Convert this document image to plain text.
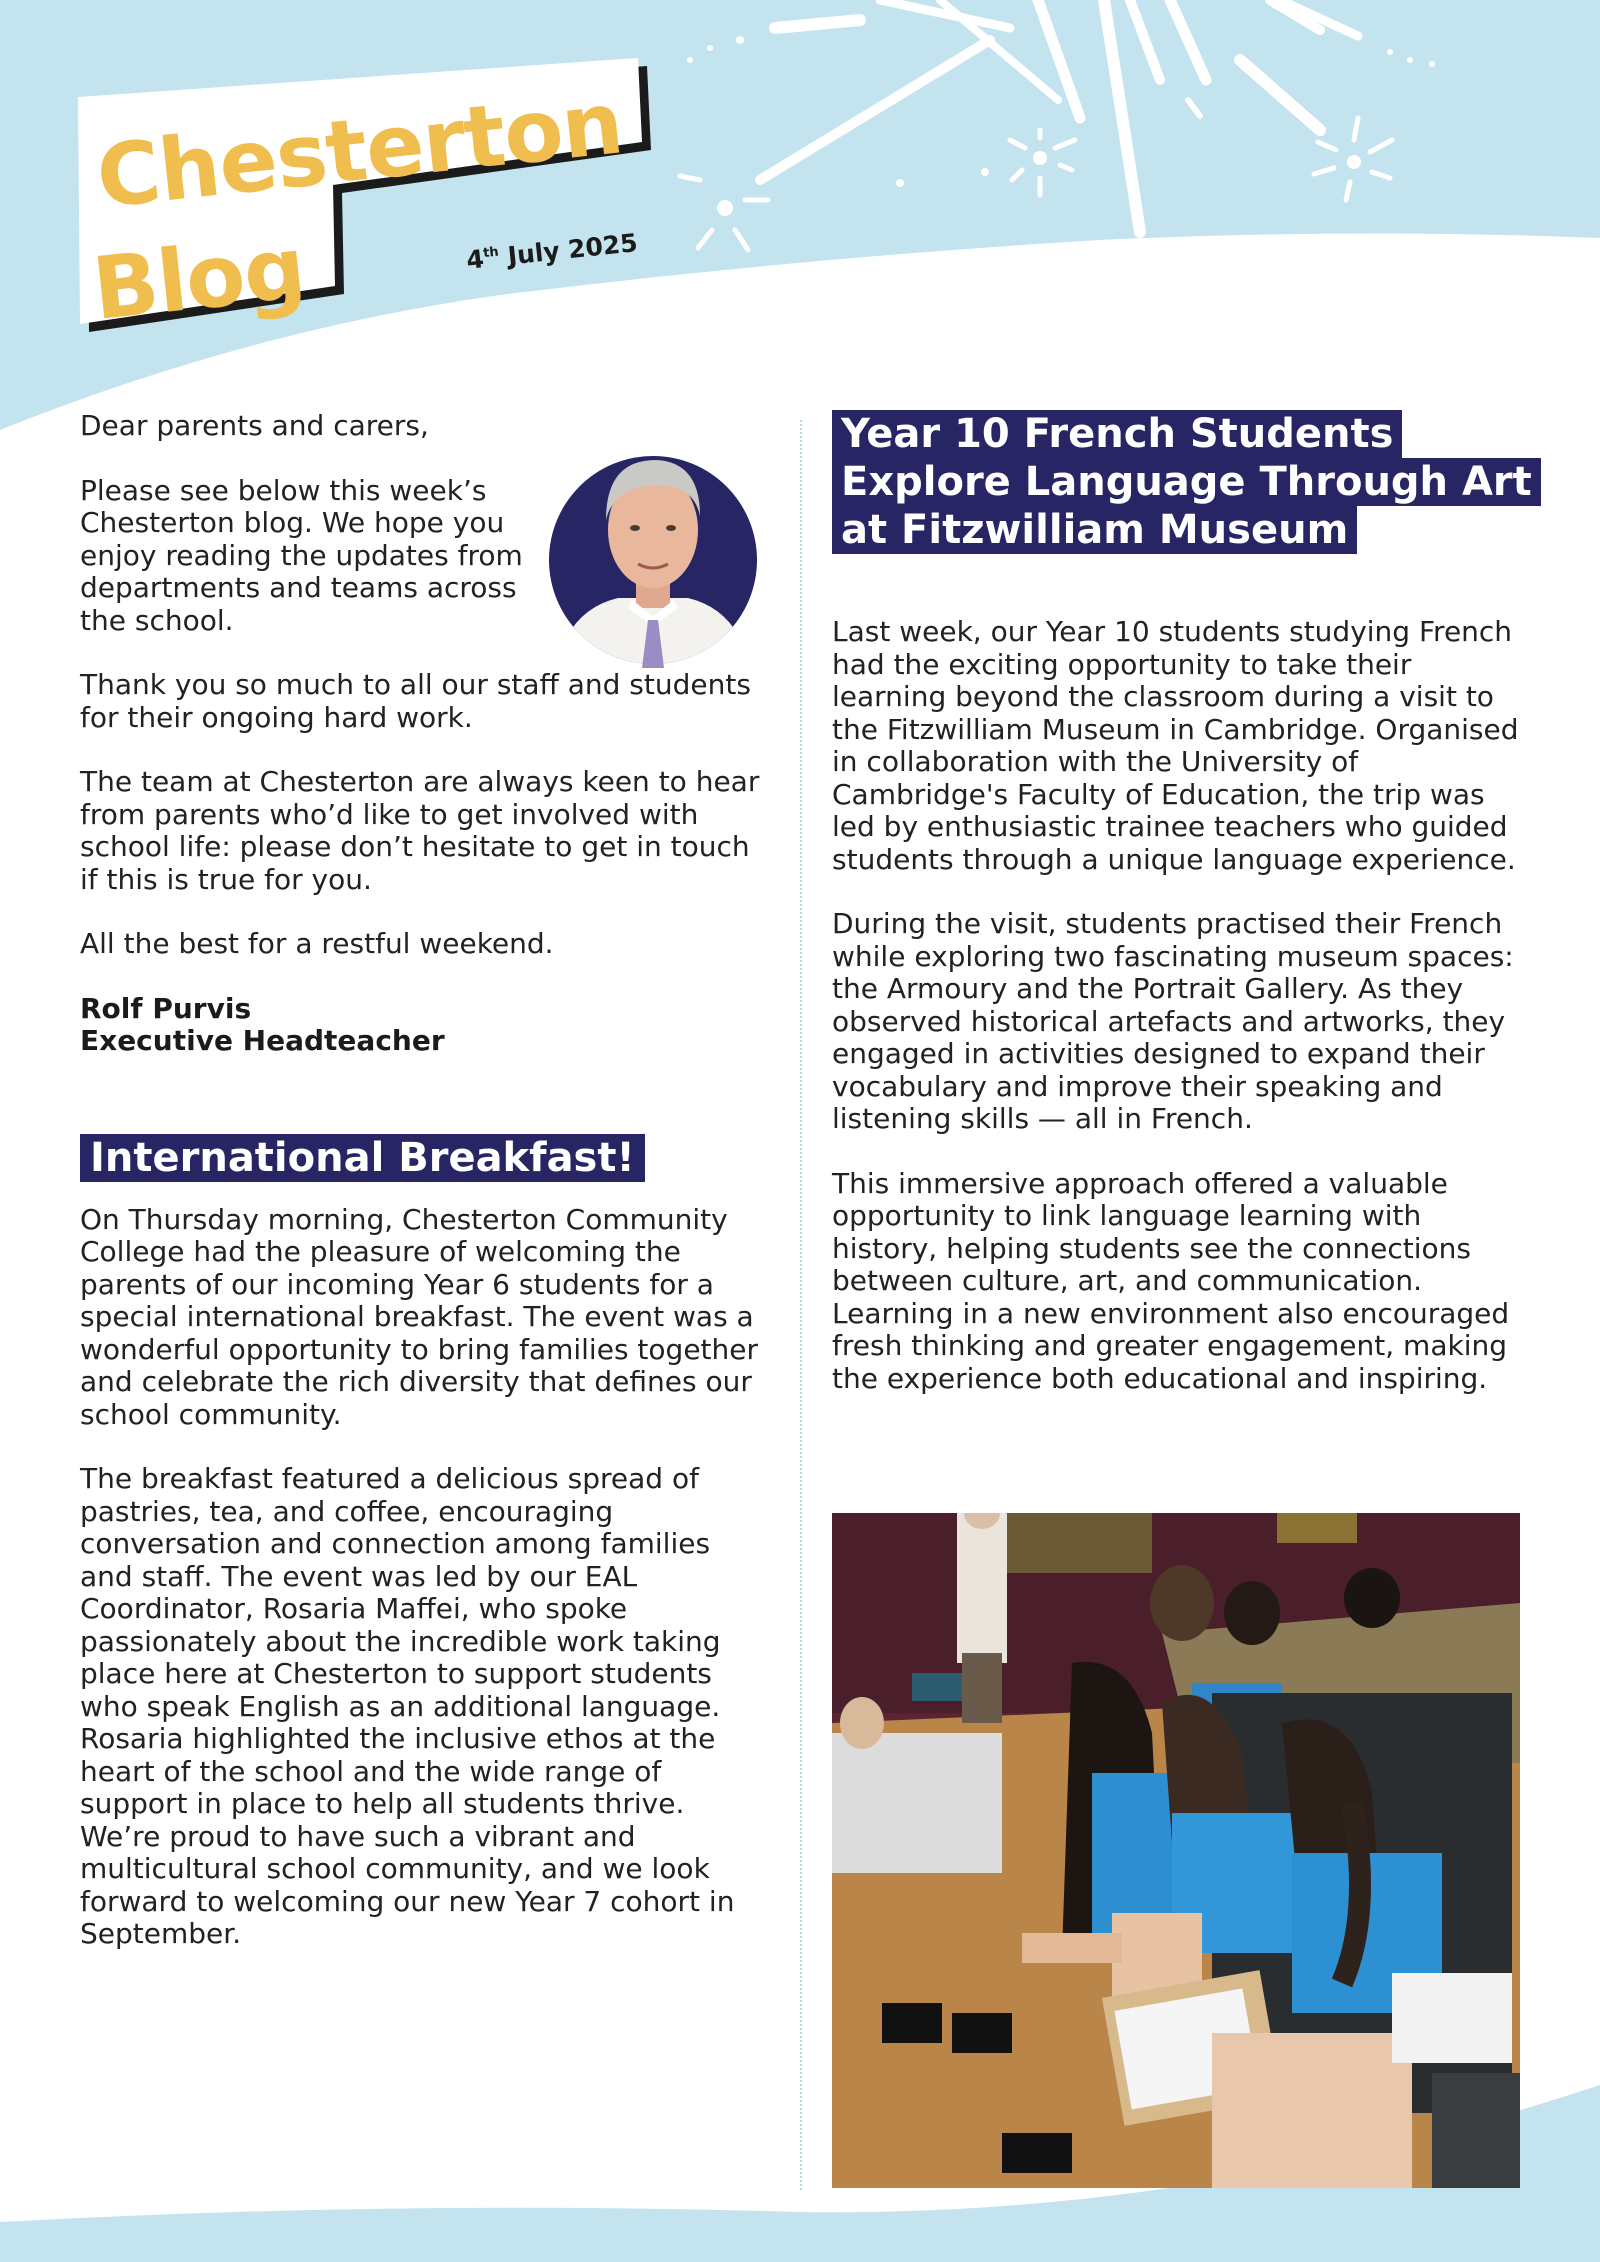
Chesterton
Blog	4th July 2025

Dear parents and carers,

Please see below this week’s Chesterton blog. We hope you enjoy reading the updates from departments and teams across the school.

Thank you so much to all our staff and students for their ongoing hard work.

The team at Chesterton are always keen to hear from parents who’d like to get involved with school life: please don’t hesitate to get in touch if this is true for you.

All the best for a restful weekend.

Rolf Purvis

Executive Headteacher

International Breakfast!

On Thursday morning, Chesterton Community College had the pleasure of welcoming the parents of our incoming Year 6 students for a special international breakfast. The event was a wonderful opportunity to bring families together and celebrate the rich diversity that defines our school community.

The breakfast featured a delicious spread of pastries, tea, and coffee, encouraging conversation and connection among families and staff. The event was led by our EAL Coordinator, Rosaria Maffei, who spoke passionately about the incredible work taking place here at Chesterton to support students who speak English as an additional language. Rosaria highlighted the inclusive ethos at the heart of the school and the wide range of support in place to help all students thrive. We’re proud to have such a vibrant and multicultural school community, and we look forward to welcoming our new Year 7 cohort in September.

Year 10 French Students
Explore Language Through Art
at Fitzwilliam Museum

Last week, our Year 10 students studying French had the exciting opportunity to take their learning beyond the classroom during a visit to the Fitzwilliam Museum in Cambridge. Organised in collaboration with the University of Cambridge's Faculty of Education, the trip was led by enthusiastic trainee teachers who guided students through a unique language experience.

During the visit, students practised their French while exploring two fascinating museum spaces: the Armoury and the Portrait Gallery. As they observed historical artefacts and artworks, they engaged in activities designed to expand their vocabulary and improve their speaking and listening skills — all in French.

This immersive approach offered a valuable opportunity to link language learning with history, helping students see the connections between culture, art, and communication. Learning in a new environment also encouraged fresh thinking and greater engagement, making the experience both educational and inspiring.
